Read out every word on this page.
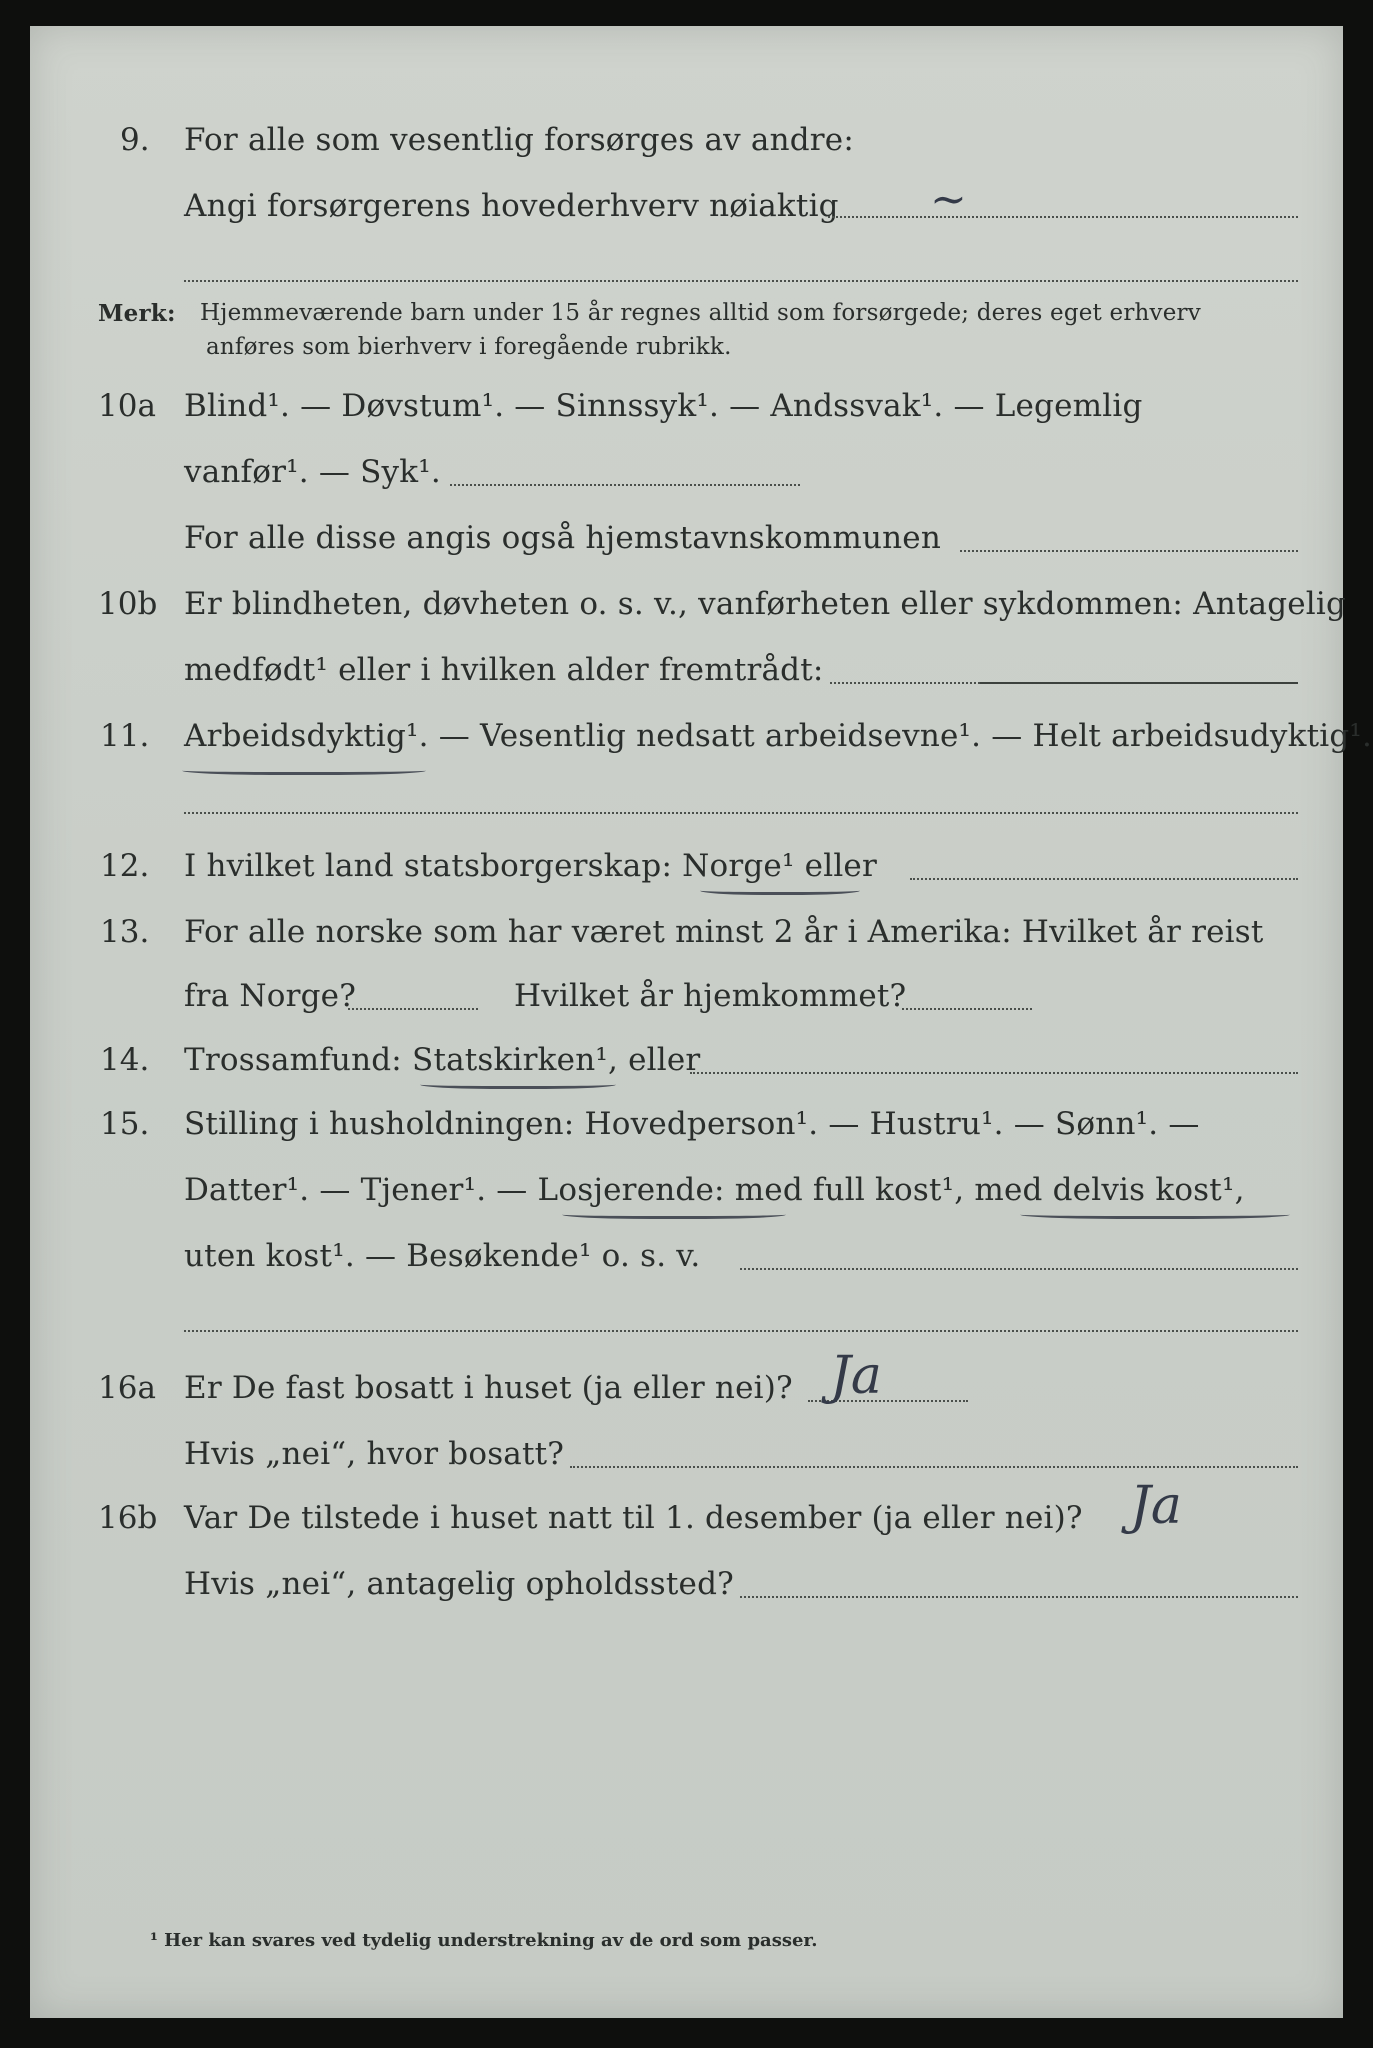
9. For alle som vesentlig forsørges av andre:
Angi forsørgerens hovederhverv nøiaktig ~
Merk: Hjemmeværende barn under 15 år regnes alltid som forsørgede; deres eget erhverv
anføres som bierhverv i foregående rubrikk.
10a Blind¹. — Døvstum¹. — Sinnssyk¹. — Andssvak¹. — Legemlig
vanfør¹. — Syk¹.
For alle disse angis også hjemstavnskommunen
10b Er blindheten, døvheten o. s. v., vanførheten eller sykdommen: Antagelig
medfødt¹ eller i hvilken alder fremtrådt:
11. Arbeidsdyktig¹. — Vesentlig nedsatt arbeidsevne¹. — Helt arbeidsudyktig¹.
12. I hvilket land statsborgerskap: Norge¹ eller
13. For alle norske som har været minst 2 år i Amerika: Hvilket år reist
fra Norge?	Hvilket år hjemkommet?
14. Trossamfund: Statskirken¹, eller
15. Stilling i husholdningen: Hovedperson¹. — Hustru¹. — Sønn¹. —
Datter¹. — Tjener¹. — Losjerende: med full kost¹, med delvis kost¹,
uten kost¹. — Besøkende¹ o. s. v.
16a Er De fast bosatt i huset (ja eller nei)? Ja
Hvis „nei“, hvor bosatt?
16b Var De tilstede i huset natt til 1. desember (ja eller nei)? Ja
Hvis „nei“, antagelig opholdssted?
¹ Her kan svares ved tydelig understrekning av de ord som passer.
